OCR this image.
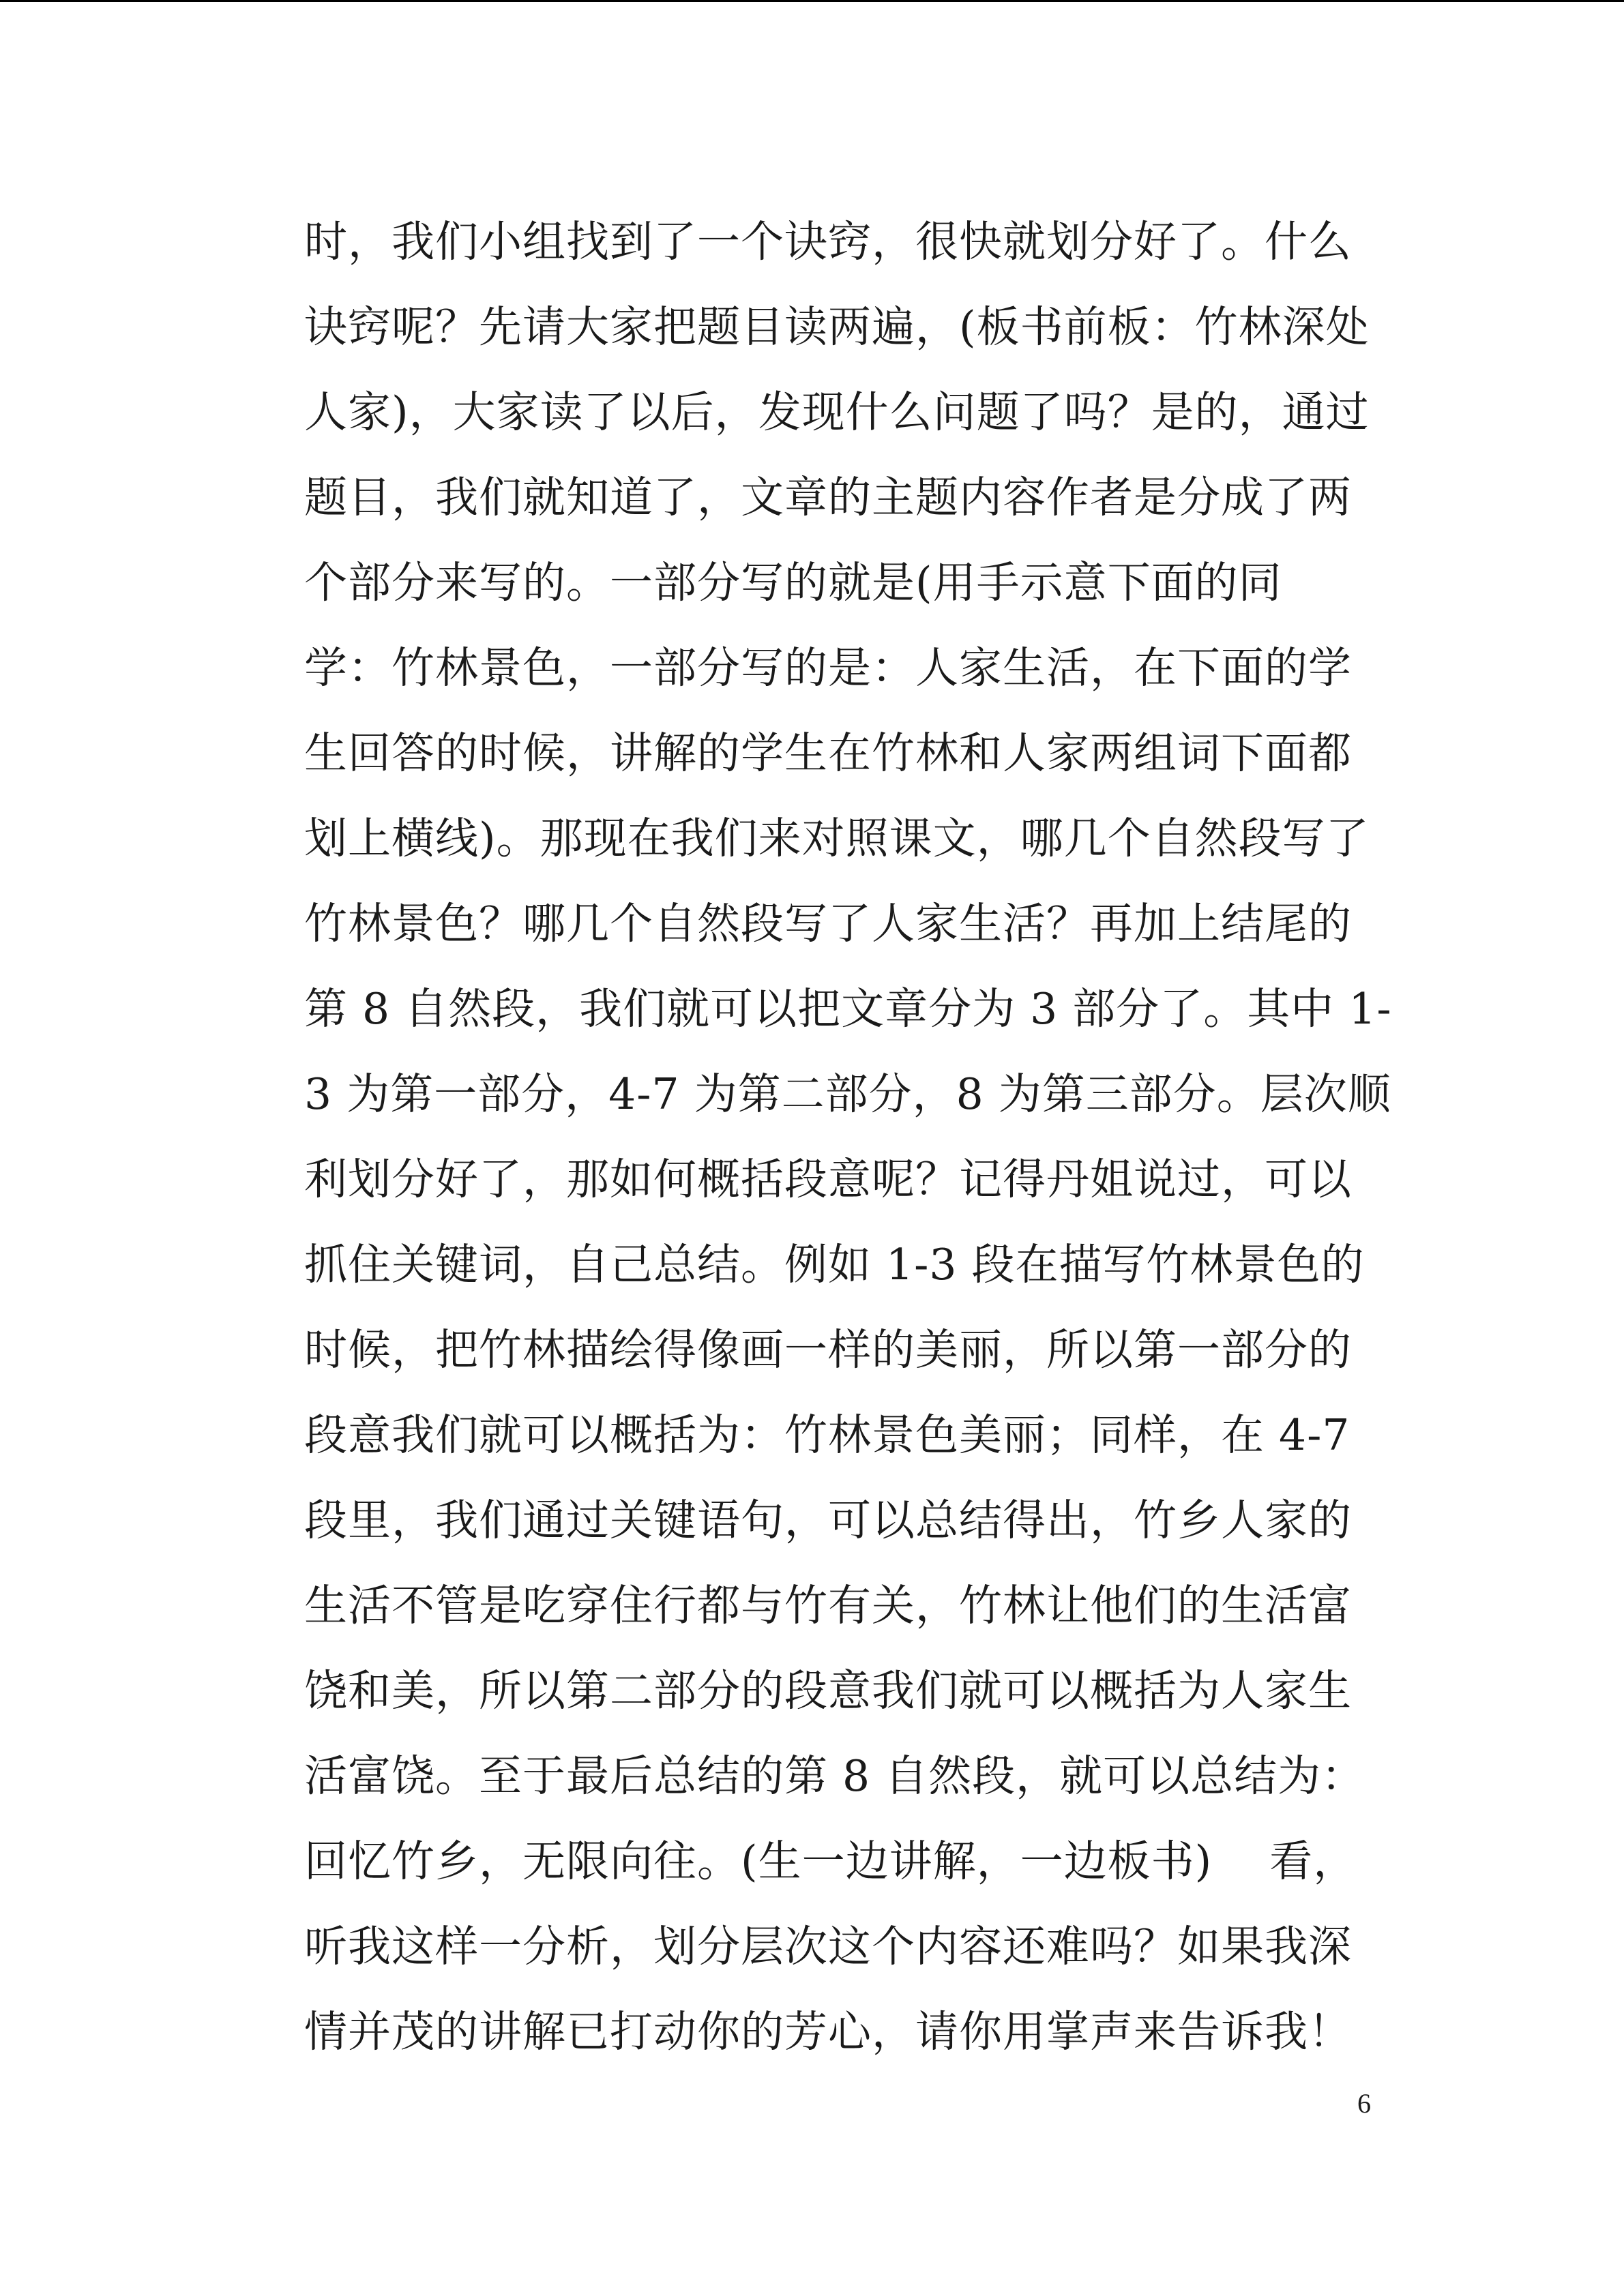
时，我们小组找到了一个诀窍，很快就划分好了。什么
诀窍呢？先请大家把题目读两遍，(板书前板：竹林深处
人家)，大家读了以后，发现什么问题了吗？是的，通过
题目，我们就知道了，文章的主题内容作者是分成了两
个部分来写的。一部分写的就是(用手示意下面的同
学：竹林景色，一部分写的是：人家生活，在下面的学
生回答的时候，讲解的学生在竹林和人家两组词下面都
划上横线)。那现在我们来对照课文，哪几个自然段写了
竹林景色？哪几个自然段写了人家生活？再加上结尾的
第 8 自然段，我们就可以把文章分为 3 部分了。其中 1-
3 为第一部分，4-7 为第二部分，8 为第三部分。层次顺
利划分好了，那如何概括段意呢？记得丹姐说过，可以
抓住关键词，自己总结。例如 1-3 段在描写竹林景色的
时候，把竹林描绘得像画一样的美丽，所以第一部分的
段意我们就可以概括为：竹林景色美丽；同样，在 4-7
段里，我们通过关键语句，可以总结得出，竹乡人家的
生活不管是吃穿住行都与竹有关，竹林让他们的生活富
饶和美，所以第二部分的段意我们就可以概括为人家生
活富饶。至于最后总结的第 8 自然段，就可以总结为：
回忆竹乡，无限向往。(生一边讲解，一边板书)    看，
听我这样一分析，划分层次这个内容还难吗？如果我深
情并茂的讲解已打动你的芳心，请你用掌声来告诉我！
6
